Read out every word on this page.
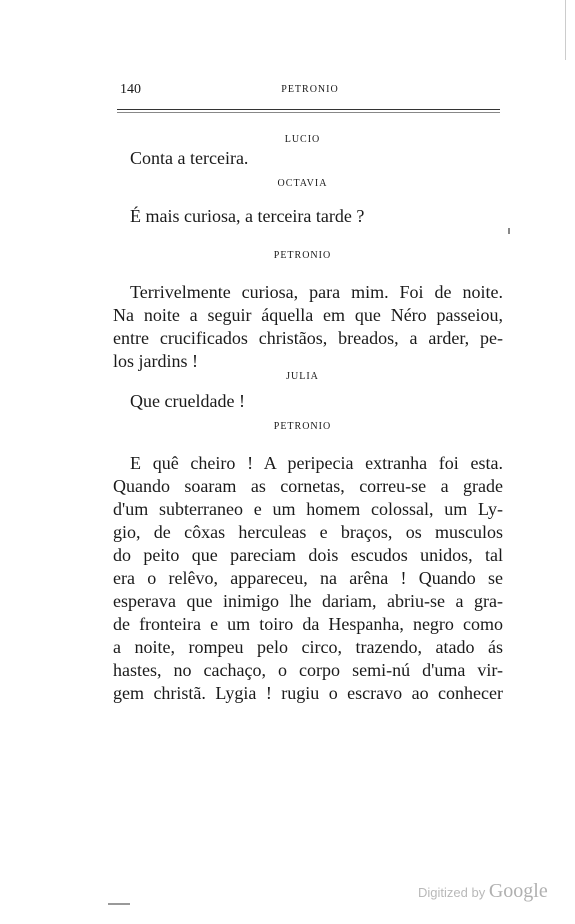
140	PETRONIO
LUCIO
Conta a terceira.
OCTAVIA
É mais curiosa, a terceira tarde ?
PETRONIO
Terrivelmente curiosa, para mim. Foi de noite.
Na noite a seguir áquella em que Néro passeiou,
entre crucificados christãos, breados, a arder, pe-
los jardins !
JULIA
Que crueldade !
PETRONIO
E quê cheiro ! A peripecia extranha foi esta.
Quando soaram as cornetas, correu-se a grade
d'um subterraneo e um homem colossal, um Ly-
gio, de côxas herculeas e braços, os musculos
do peito que pareciam dois escudos unidos, tal
era o relêvo, appareceu, na arêna ! Quando se
esperava que inimigo lhe dariam, abriu-se a gra-
de fronteira e um toiro da Hespanha, negro como
a noite, rompeu pelo circo, trazendo, atado ás
hastes, no cachaço, o corpo semi-nú d'uma vir-
gem christã. Lygia ! rugiu o escravo ao conhecer
Digitized by Google
